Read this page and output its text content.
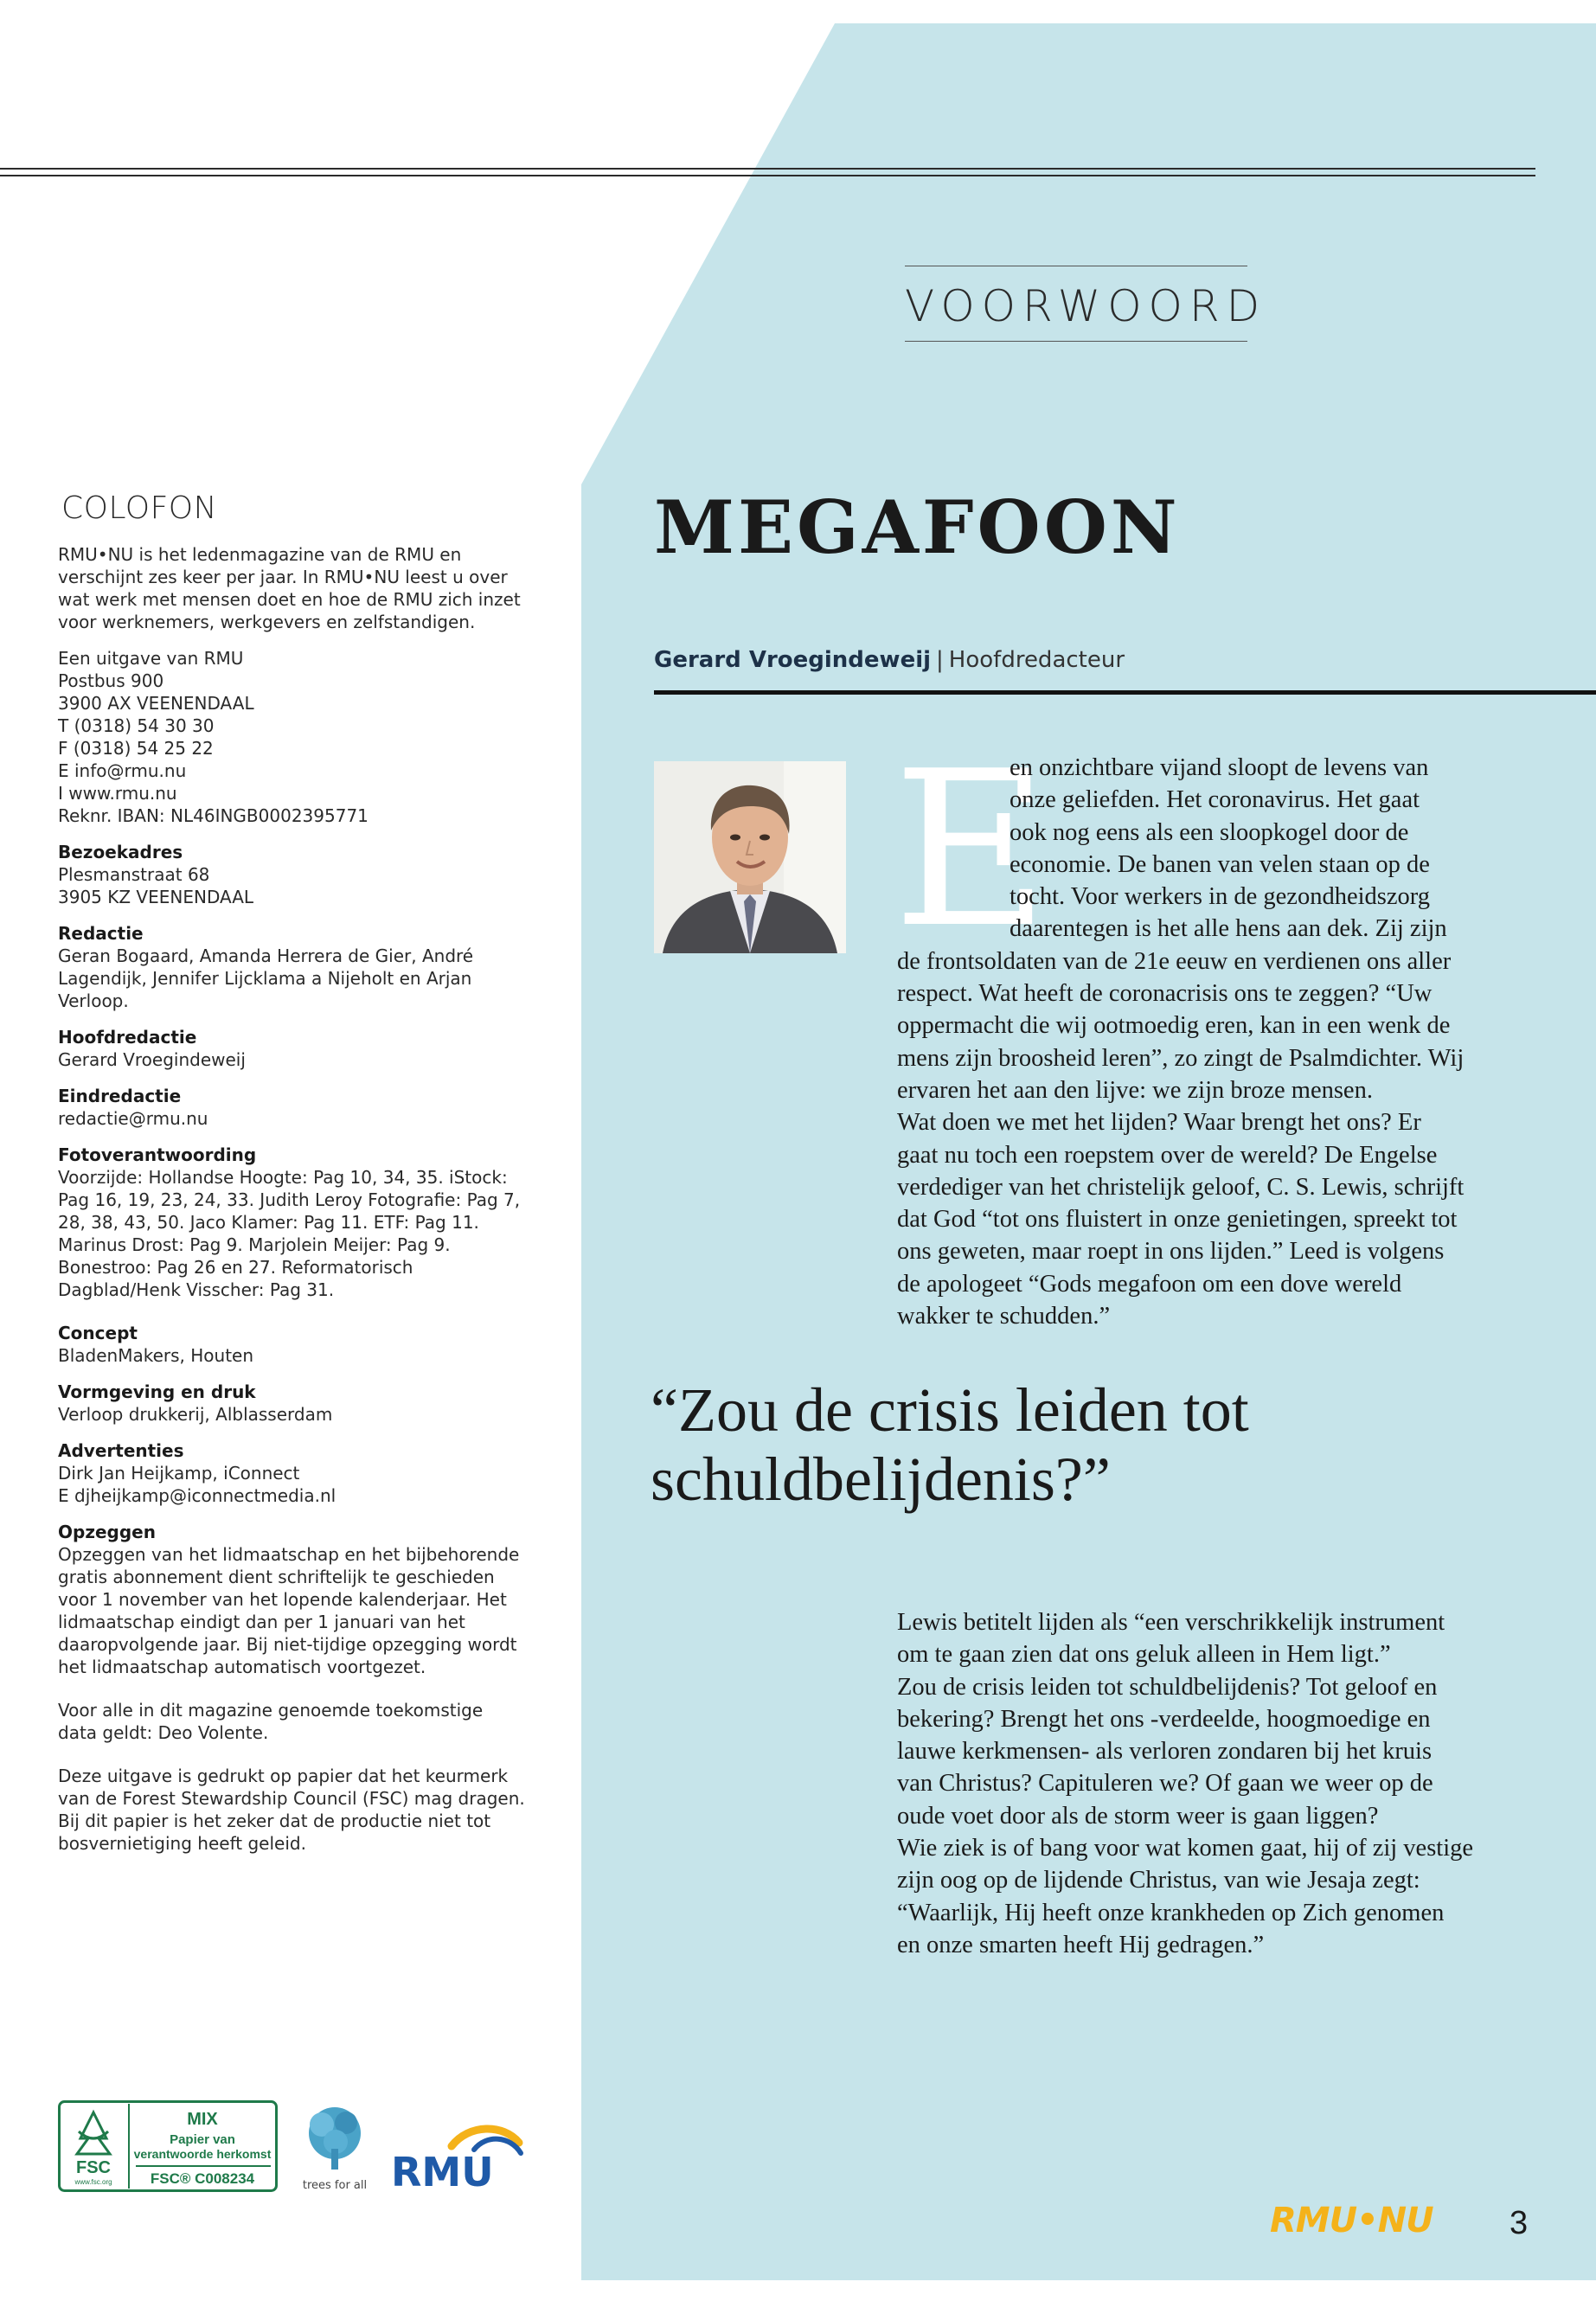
VOORWOORD
COLOFON

RMU•NU is het ledenmagazine van de RMU en verschijnt zes keer per jaar. In RMU•NU leest u over wat werk met mensen doet en hoe de RMU zich inzet voor werknemers, werkgevers en zelfstandigen.

Een uitgave van RMU
Postbus 900
3900 AX VEENENDAAL
T (0318) 54 30 30
F (0318) 54 25 22
E info@rmu.nu
I www.rmu.nu
Reknr. IBAN: NL46INGB0002395771

Bezoekadres
Plesmanstraat 68
3905 KZ VEENENDAAL

Redactie
Geran Bogaard, Amanda Herrera de Gier, André Lagendijk, Jennifer Lijcklama a Nijeholt en Arjan Verloop.

Hoofdredactie
Gerard Vroegindeweij

Eindredactie
redactie@rmu.nu

Fotoverantwoording
Voorzijde: Hollandse Hoogte: Pag 10, 34, 35. iStock: Pag 16, 19, 23, 24, 33. Judith Leroy Fotografie: Pag 7, 28, 38, 43, 50. Jaco Klamer: Pag 11. ETF: Pag 11. Marinus Drost: Pag 9. Marjolein Meijer: Pag 9. Bonestroo: Pag 26 en 27. Reformatorisch Dagblad/Henk Visscher: Pag 31.

Concept
BladenMakers, Houten

Vormgeving en druk
Verloop drukkerij, Alblasserdam

Advertenties
Dirk Jan Heijkamp, iConnect
E djheijkamp@iconnectmedia.nl

Opzeggen
Opzeggen van het lidmaatschap en het bijbehorende gratis abonnement dient schriftelijk te geschieden voor 1 november van het lopende kalenderjaar. Het lidmaatschap eindigt dan per 1 januari van het daaropvolgende jaar. Bij niet-tijdige opzegging wordt het lidmaatschap automatisch voortgezet.

Voor alle in dit magazine genoemde toekomstige data geldt: Deo Volente.

Deze uitgave is gedrukt op papier dat het keurmerk van de Forest Stewardship Council (FSC) mag dragen. Bij dit papier is het zeker dat de productie niet tot bosvernietiging heeft geleid.

MEGAFOON
Gerard Vroegindeweij | Hoofdredacteur
E
en onzichtbare vijand sloopt de levens van
onze geliefden. Het coronavirus. Het gaat
ook nog eens als een sloopkogel door de
economie. De banen van velen staan op de
tocht. Voor werkers in de gezondheidszorg
daarentegen is het alle hens aan dek. Zij zijn
de frontsoldaten van de 21e eeuw en verdienen ons aller
respect. Wat heeft de coronacrisis ons te zeggen? “Uw
oppermacht die wij ootmoedig eren, kan in een wenk de
mens zijn broosheid leren”, zo zingt de Psalmdichter. Wij
ervaren het aan den lijve: we zijn broze mensen.
Wat doen we met het lijden? Waar brengt het ons? Er
gaat nu toch een roepstem over de wereld? De Engelse
verdediger van het christelijk geloof, C. S. Lewis, schrijft
dat God “tot ons fluistert in onze genietingen, spreekt tot
ons geweten, maar roept in ons lijden.” Leed is volgens
de apologeet “Gods megafoon om een dove wereld
wakker te schudden.”
“Zou de crisis leiden tot
schuldbelijdenis?”
Lewis betitelt lijden als “een verschrikkelijk instrument
om te gaan zien dat ons geluk alleen in Hem ligt.”
Zou de crisis leiden tot schuldbelijdenis? Tot geloof en
bekering? Brengt het ons -verdeelde, hoogmoedige en
lauwe kerkmensen- als verloren zondaren bij het kruis
van Christus? Capituleren we? Of gaan we weer op de
oude voet door als de storm weer is gaan liggen?
Wie ziek is of bang voor wat komen gaat, hij of zij vestige
zijn oog op de lijdende Christus, van wie Jesaja zegt:
“Waarlijk, Hij heeft onze krankheden op Zich genomen
en onze smarten heeft Hij gedragen.”
FSC
www.fsc.org
MIX
Papier van
verantwoorde herkomst
FSC® C008234	trees for all RMU
RMU•NU 3
